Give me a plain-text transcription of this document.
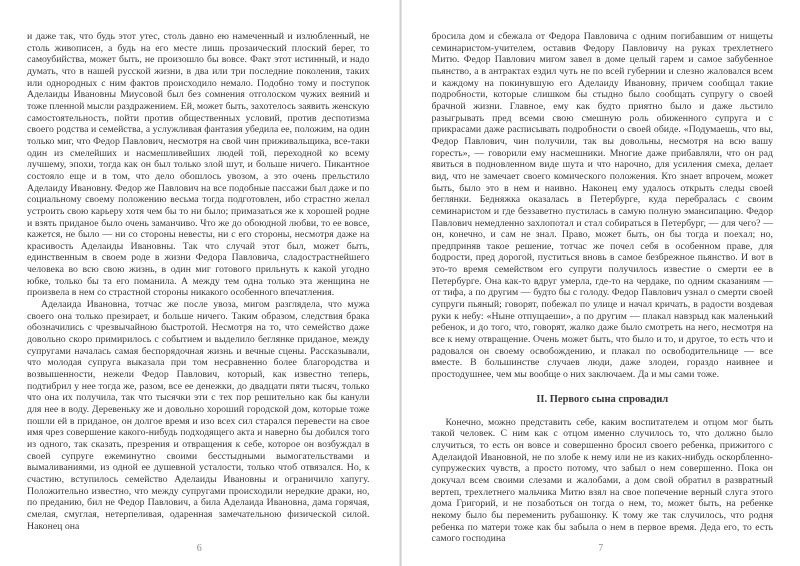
и даже так, что будь этот утес, столь давно ею намеченный и излюбленный, не столь живописен, а будь на его месте лишь прозаический плоский берег, то самоубийства, может быть, не произошло бы вовсе. Факт этот истинный, и надо думать, что в нашей русской жизни, в два или три последние поколения, таких или однородных с ним фактов происходило немало. Подобно тому и поступок Аделаиды Ивановны Миусовой был без сомнения отголоском чужих веяний и тоже пленной мысли раздражением. Ей, может быть, захотелось заявить женскую самостоятельность, пойти против общественных условий, против деспотизма своего родства и семейства, а услужливая фантазия убедила ее, положим, на один только миг, что Федор Павлович, несмотря на свой чин приживальщика, все-таки один из смелейших и насмешливейших людей той, переходной ко всему лучшему, эпохи, тогда как он был только злой шут, и больше ничего. Пикантное состояло еще и в том, что дело обошлось увозом, а это очень прельстило Аделаиду Ивановну. Федор же Павлович на все подобные пассажи был даже и по социальному своему положению весьма тогда подготовлен, ибо страстно желал устроить свою карьеру хотя чем бы то ни было; примазаться же к хорошей родне и взять приданое было очень заманчиво. Что же до обоюдной любви, то ее вовсе, кажется, не было — ни со стороны невесты, ни с его стороны, несмотря даже на красивость Аделаиды Ивановны. Так что случай этот был, может быть, единственным в своем роде в жизни Федора Павловича, сладострастнейшего человека во всю свою жизнь, в один миг готового прильнуть к какой угодно юбке, только бы та его поманила. А между тем одна только эта женщина не произвела в нем со страстной стороны никакого особенного впечатления.

Аделаида Ивановна, тотчас же после увоза, мигом разглядела, что мужа своего она только презирает, и больше ничего. Таким образом, следствия брака обозначились с чрезвычайною быстротой. Несмотря на то, что семейство даже довольно скоро примирилось с событием и выделило беглянке приданое, между супругами началась самая беспорядочная жизнь и вечные сцены. Рассказывали, что молодая супруга выказала при том несравненно более благородства и возвышенности, нежели Федор Павлович, который, как известно теперь, подтибрил у нее тогда же, разом, все ее денежки, до двадцати пяти тысяч, только что она их получила, так что тысячки эти с тех пор решительно как бы канули для нее в воду. Деревеньку же и довольно хороший городской дом, которые тоже пошли ей в приданое, он долгое время и изо всех сил старался перевести на свое имя чрез совершение какого-нибудь подходящего акта и наверно бы добился того из одного, так сказать, презрения и отвращения к себе, которое он возбуждал в своей супруге ежеминутно своими бесстыдными вымогательствами и вымаливаниями, из одной ее душевной усталости, только чтоб отвязался. Но, к счастию, вступилось семейство Аделаиды Ивановны и ограничило хапугу. Положительно известно, что между супругами происходили нередкие драки, но, по преданию, бил не Федор Павлович, а била Аделаида Ивановна, дама горячая, смелая, смуглая, нетерпеливая, одаренная замечательною физической силой. Наконец она

6

бросила дом и сбежала от Федора Павловича с одним погибавшим от нищеты семинаристом-учителем, оставив Федору Павловичу на руках трехлетнего Митю. Федор Павлович мигом завел в доме целый гарем и самое забубенное пьянство, а в антрактах ездил чуть не по всей губернии и слезно жаловался всем и каждому на покинувшую его Аделаиду Ивановну, причем сообщал такие подробности, которые слишком бы стыдно было сообщать супругу о своей брачной жизни. Главное, ему как будто приятно было и даже льстило разыгрывать пред всеми свою смешную роль обиженного супруга и с прикрасами даже расписывать подробности о своей обиде. «Подумаешь, что вы, Федор Павлович, чин получили, так вы довольны, несмотря на всю вашу горесть», — говорили ему насмешники. Многие даже прибавляли, что он рад явиться в подновленном виде шута и что нарочно, для усиления смеха, делает вид, что не замечает своего комического положения. Кто знает впрочем, может быть, было это в нем и наивно. Наконец ему удалось открыть следы своей беглянки. Бедняжка оказалась в Петербурге, куда перебралась с своим семинаристом и где беззаветно пустилась в самую полную эмансипацию. Федор Павлович немедленно захлопотал и стал собираться в Петербург, — для чего? — он, конечно, и сам не знал. Право, может быть, он бы тогда и поехал; но, предприняв такое решение, тотчас же почел себя в особенном праве, для бодрости, пред дорогой, пуститься вновь в самое безбрежное пьянство. И вот в это-то время семейством его супруги получилось известие о смерти ее в Петербурге. Она как-то вдруг умерла, где-то на чердаке, по одним сказаниям — от тифа, а по другим — будто бы с голоду. Федор Павлович узнал о смерти своей супруги пьяный; говорят, побежал по улице и начал кричать, в радости воздевая руки к небу: «Ныне отпущаеши», а по другим — плакал навзрыд как маленький ребенок, и до того, что, говорят, жалко даже было смотреть на него, несмотря на все к нему отвращение. Очень может быть, что было и то, и другое, то есть что и радовался он своему освобождению, и плакал по освободительнице — все вместе. В большинстве случаев люди, даже злодеи, гораздо наивнее и простодушнее, чем мы вообще о них заключаем. Да и мы сами тоже.

II. Первого сына спровадил

Конечно, можно представить себе, каким воспитателем и отцом мог быть такой человек. С ним как с отцом именно случилось то, что должно было случиться, то есть он вовсе и совершенно бросил своего ребенка, прижитого с Аделаидой Ивановной, не по злобе к нему или не из каких-нибудь оскорбленно-супружеских чувств, а просто потому, что забыл о нем совершенно. Пока он докучал всем своими слезами и жалобами, а дом свой обратил в развратный вертеп, трехлетнего мальчика Митю взял на свое попечение верный слуга этого дома Григорий, и не позаботься он тогда о нем, то, может быть, на ребенке некому было бы переменить рубашонку. К тому же так случилось, что родня ребенка по матери тоже как бы забыла о нем в первое время. Деда его, то есть самого господина

7
